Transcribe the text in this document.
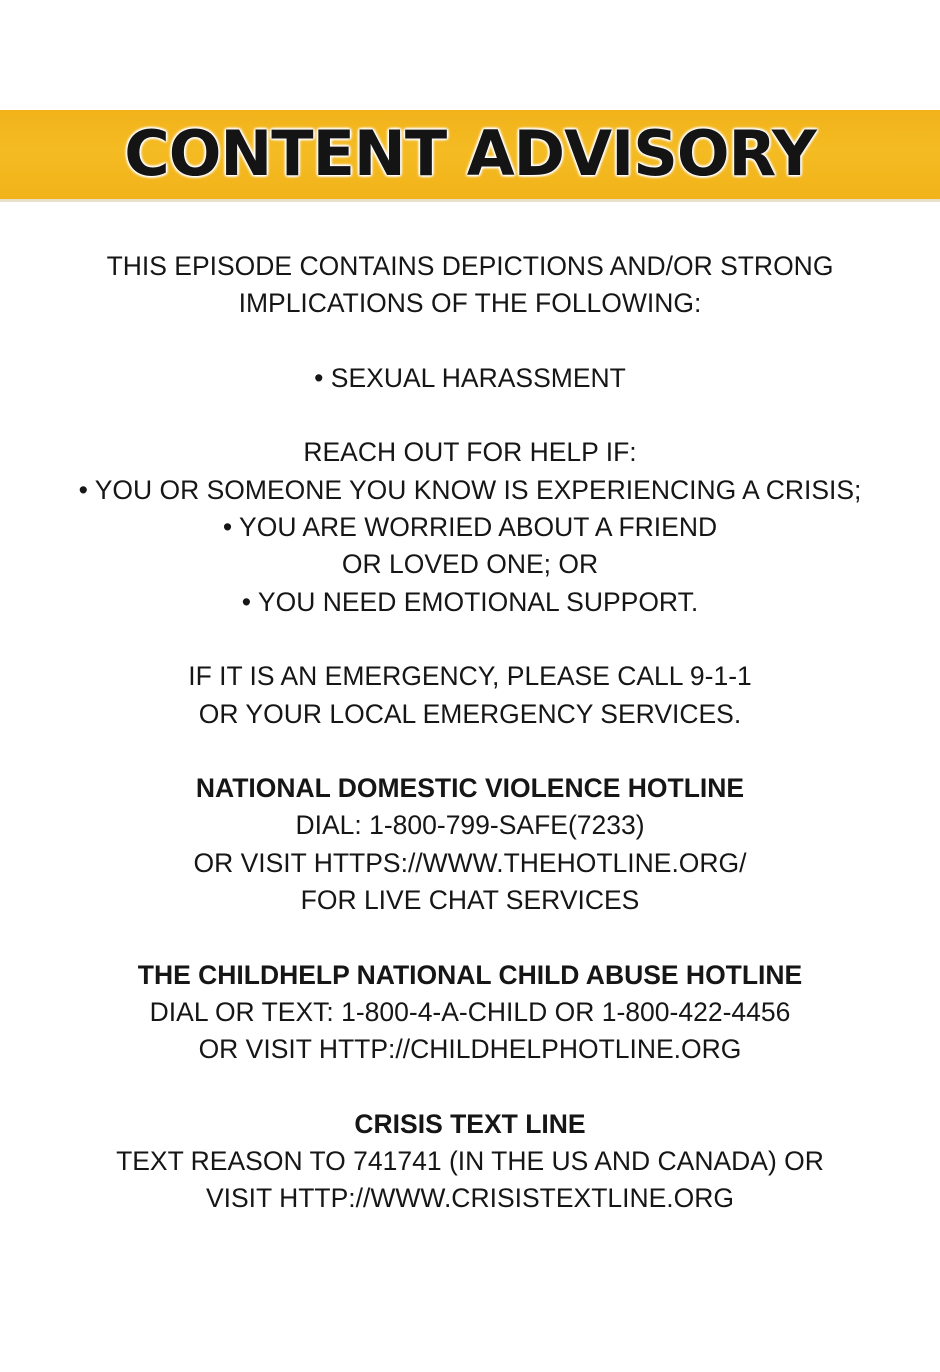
CONTENT ADVISORY
THIS EPISODE CONTAINS DEPICTIONS AND/OR STRONG
IMPLICATIONS OF THE FOLLOWING:
• SEXUAL HARASSMENT
REACH OUT FOR HELP IF:
• YOU OR SOMEONE YOU KNOW IS EXPERIENCING A CRISIS;
• YOU ARE WORRIED ABOUT A FRIEND
OR LOVED ONE; OR
• YOU NEED EMOTIONAL SUPPORT.
IF IT IS AN EMERGENCY, PLEASE CALL 9-1-1
OR YOUR LOCAL EMERGENCY SERVICES.
NATIONAL DOMESTIC VIOLENCE HOTLINE
DIAL: 1-800-799-SAFE(7233)
OR VISIT HTTPS://WWW.THEHOTLINE.ORG/
FOR LIVE CHAT SERVICES
THE CHILDHELP NATIONAL CHILD ABUSE HOTLINE
DIAL OR TEXT: 1-800-4-A-CHILD OR 1-800-422-4456
OR VISIT HTTP://CHILDHELPHOTLINE.ORG
CRISIS TEXT LINE
TEXT REASON TO 741741 (IN THE US AND CANADA) OR
VISIT HTTP://WWW.CRISISTEXTLINE.ORG
